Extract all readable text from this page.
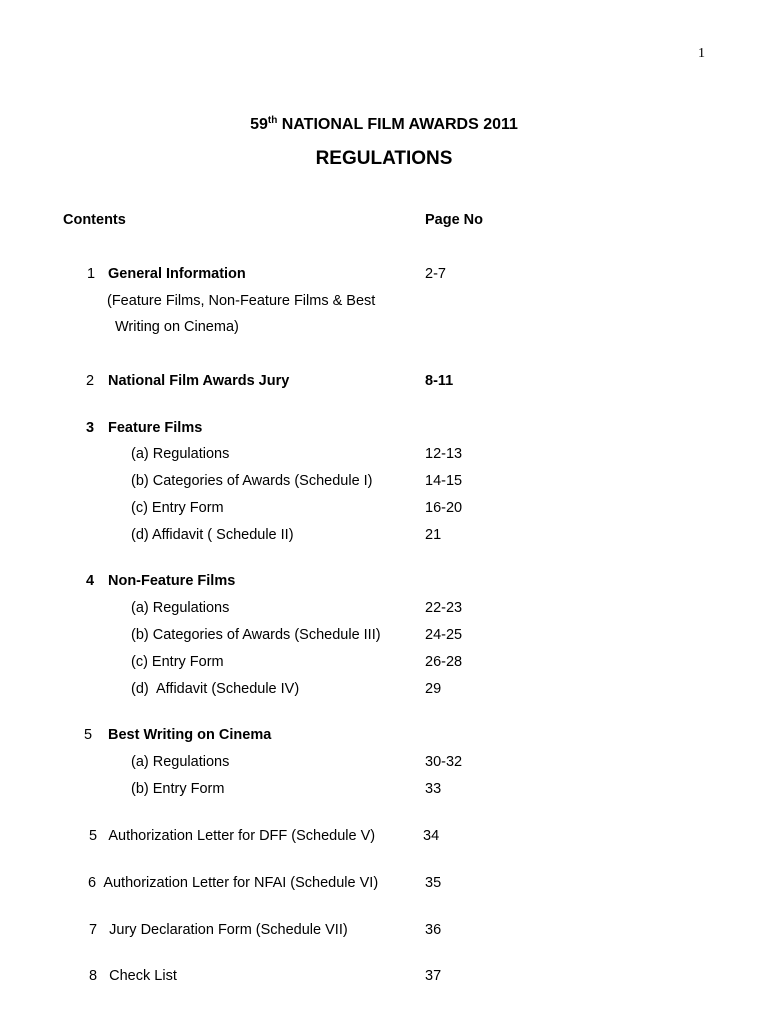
1
59th NATIONAL FILM AWARDS 2011
REGULATIONS
Contents	Page No
1 General Information	2-7
(Feature Films, Non-Feature Films & Best
Writing on Cinema)
2 National Film Awards Jury	8-11
3 Feature Films
(a) Regulations	12-13
(b) Categories of Awards (Schedule I)	14-15
(c) Entry Form	16-20
(d) Affidavit ( Schedule II)	21
4 Non-Feature Films
(a) Regulations	22-23
(b) Categories of Awards (Schedule III)	24-25
(c) Entry Form	26-28
(d)  Affidavit (Schedule IV)	29
5 Best Writing on Cinema
(a) Regulations	30-32
(b) Entry Form	33
5   Authorization Letter for DFF (Schedule V)	34
6  Authorization Letter for NFAI (Schedule VI)	35
7   Jury Declaration Form (Schedule VII)	36
8   Check List	37
